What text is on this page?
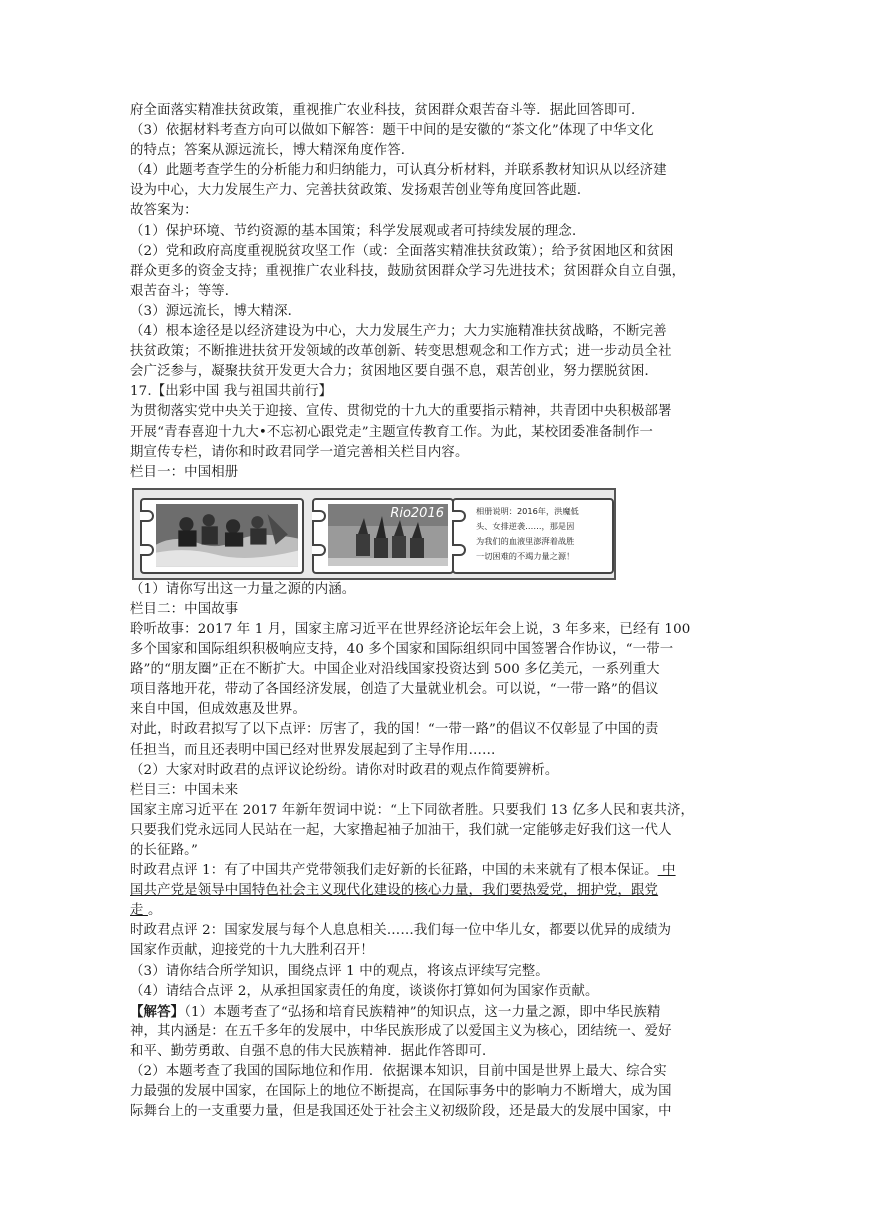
府全面落实精准扶贫政策，重视推广农业科技，贫困群众艰苦奋斗等．据此回答即可．
（3）依据材料考查方向可以做如下解答：题干中间的是安徽的“茶文化”体现了中华文化
的特点；答案从源远流长，博大精深角度作答．
（4）此题考查学生的分析能力和归纳能力，可认真分析材料，并联系教材知识从以经济建
设为中心，大力发展生产力、完善扶贫政策、发扬艰苦创业等角度回答此题．
故答案为：
（1）保护环境、节约资源的基本国策；科学发展观或者可持续发展的理念．
（2）党和政府高度重视脱贫攻坚工作（或：全面落实精准扶贫政策）；给予贫困地区和贫困
群众更多的资金支持；重视推广农业科技，鼓励贫困群众学习先进技术；贫困群众自立自强，
艰苦奋斗；等等．
（3）源远流长，博大精深．
（4）根本途径是以经济建设为中心，大力发展生产力；大力实施精准扶贫战略，不断完善
扶贫政策；不断推进扶贫开发领域的改革创新、转变思想观念和工作方式；进一步动员全社
会广泛参与，凝聚扶贫开发更大合力；贫困地区要自强不息，艰苦创业，努力摆脱贫困．
17.【出彩中国 我与祖国共前行】
为贯彻落实党中央关于迎接、宣传、贯彻党的十九大的重要指示精神，共青团中央积极部署
开展“青春喜迎十九大•不忘初心跟党走”主题宣传教育工作。为此，某校团委准备制作一
期宣传专栏，请你和时政君同学一道完善相关栏目内容。
栏目一：中国相册
Rio2016	相册说明：2016年，洪魔低
头、女排逆袭……，那是因
为我们的血液里澎湃着战胜
一切困难的不竭力量之源！
（1）请你写出这一力量之源的内涵。
栏目二：中国故事
聆听故事：2017 年 1 月，国家主席习近平在世界经济论坛年会上说，3 年多来，已经有 100
多个国家和国际组织积极响应支持，40 多个国家和国际组织同中国签署合作协议，“一带一
路”的“朋友圈”正在不断扩大。中国企业对沿线国家投资达到 500 多亿美元，一系列重大
项目落地开花，带动了各国经济发展，创造了大量就业机会。可以说，“一带一路”的倡议
来自中国，但成效惠及世界。
对此，时政君拟写了以下点评：厉害了，我的国！“一带一路”的倡议不仅彰显了中国的责
任担当，而且还表明中国已经对世界发展起到了主导作用……
（2）大家对时政君的点评议论纷纷。请你对时政君的观点作简要辨析。
栏目三：中国未来
国家主席习近平在 2017 年新年贺词中说：“上下同欲者胜。只要我们 13 亿多人民和衷共济，
只要我们党永远同人民站在一起，大家撸起袖子加油干，我们就一定能够走好我们这一代人
的长征路。”
时政君点评 1：有了中国共产党带领我们走好新的长征路，中国的未来就有了根本保证。 中
国共产党是领导中国特色社会主义现代化建设的核心力量，我们要热爱党，拥护党，跟党
走 。
时政君点评 2：国家发展与每个人息息相关……我们每一位中华儿女，都要以优异的成绩为
国家作贡献，迎接党的十九大胜利召开！
（3）请你结合所学知识，围绕点评 1 中的观点，将该点评续写完整。
（4）请结合点评 2，从承担国家责任的角度，谈谈你打算如何为国家作贡献。
【解答】（1）本题考查了“弘扬和培育民族精神”的知识点，这一力量之源，即中华民族精
神，其内涵是：在五千多年的发展中，中华民族形成了以爱国主义为核心，团结统一、爱好
和平、勤劳勇敢、自强不息的伟大民族精神．据此作答即可．
（2）本题考查了我国的国际地位和作用．依据课本知识，目前中国是世界上最大、综合实
力最强的发展中国家，在国际上的地位不断提高，在国际事务中的影响力不断增大，成为国
际舞台上的一支重要力量，但是我国还处于社会主义初级阶段，还是最大的发展中国家，中
